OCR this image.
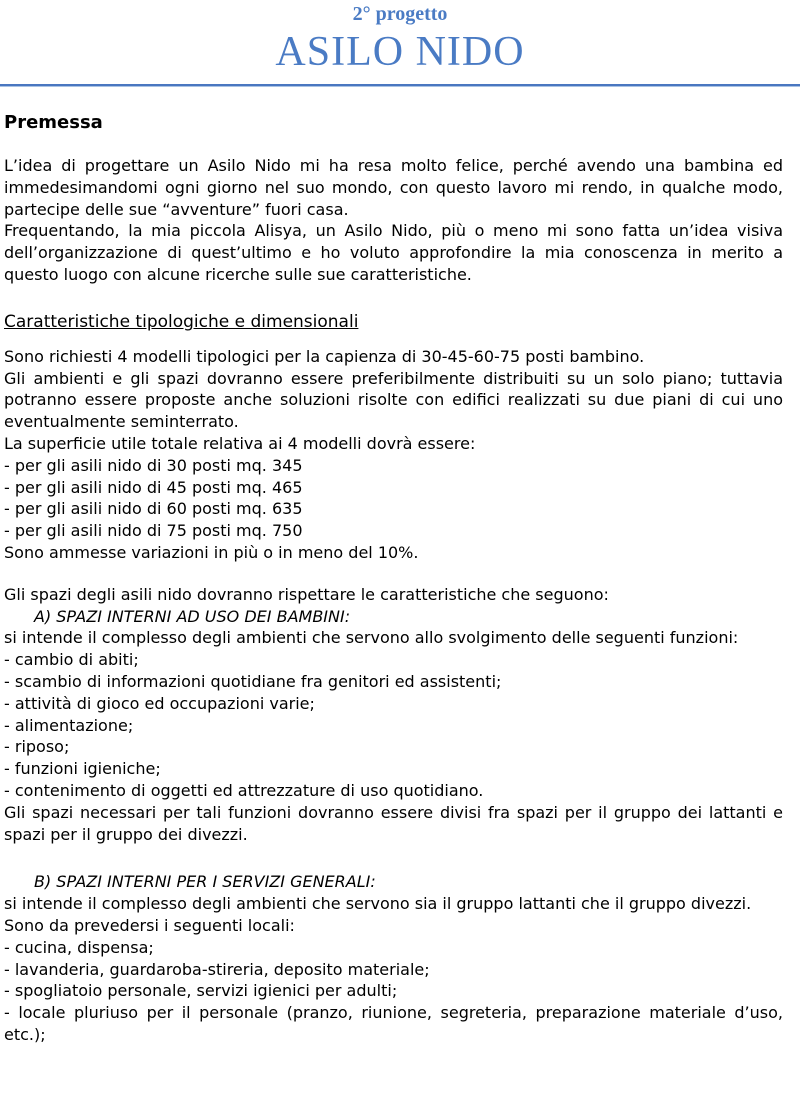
2° progetto
ASILO NIDO
Premessa

L’idea di progettare un Asilo Nido mi ha resa molto felice, perché avendo una bambina ed immedesimandomi ogni giorno nel suo mondo, con questo lavoro mi rendo, in qualche modo, partecipe delle sue “avventure” fuori casa.

Frequentando, la mia piccola Alisya, un Asilo Nido, più o meno mi sono fatta un’idea visiva dell’organizzazione di quest’ultimo e ho voluto approfondire la mia conoscenza in merito a questo luogo con alcune ricerche sulle sue caratteristiche.

Caratteristiche tipologiche e dimensionali

Sono richiesti 4 modelli tipologici per la capienza di 30-45-60-75 posti bambino.

Gli ambienti e gli spazi dovranno essere preferibilmente distribuiti su un solo piano; tuttavia potranno essere proposte anche soluzioni risolte con edifici realizzati su due piani di cui uno eventualmente seminterrato.

La superficie utile totale relativa ai 4 modelli dovrà essere:

- per gli asili nido di 30 posti mq. 345

- per gli asili nido di 45 posti mq. 465

- per gli asili nido di 60 posti mq. 635

- per gli asili nido di 75 posti mq. 750

Sono ammesse variazioni in più o in meno del 10%.

Gli spazi degli asili nido dovranno rispettare le caratteristiche che seguono:

A) SPAZI INTERNI AD USO DEI BAMBINI:

si intende il complesso degli ambienti che servono allo svolgimento delle seguenti funzioni:

- cambio di abiti;

- scambio di informazioni quotidiane fra genitori ed assistenti;

- attività di gioco ed occupazioni varie;

- alimentazione;

- riposo;

- funzioni igieniche;

- contenimento di oggetti ed attrezzature di uso quotidiano.

Gli spazi necessari per tali funzioni dovranno essere divisi fra spazi per il gruppo dei lattanti e spazi per il gruppo dei divezzi.

B) SPAZI INTERNI PER I SERVIZI GENERALI:

si intende il complesso degli ambienti che servono sia il gruppo lattanti che il gruppo divezzi.

Sono da prevedersi i seguenti locali:

- cucina, dispensa;

- lavanderia, guardaroba-stireria, deposito materiale;

- spogliatoio personale, servizi igienici per adulti;

- locale pluriuso per il personale (pranzo, riunione, segreteria, preparazione materiale d’uso, etc.);
